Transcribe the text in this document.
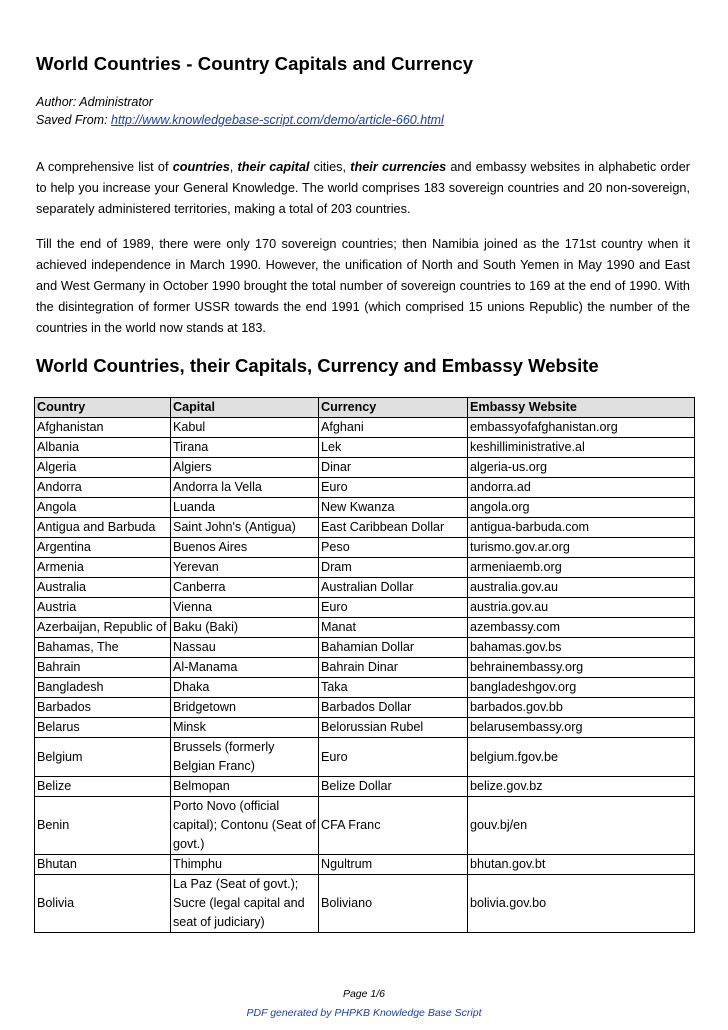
World Countries - Country Capitals and Currency
Author: Administrator
Saved From: http://www.knowledgebase-script.com/demo/article-660.html
A comprehensive list of countries, their capital cities, their currencies and embassy websites in alphabetic order to help you increase your General Knowledge. The world comprises 183 sovereign countries and 20 non-sovereign, separately administered territories, making a total of 203 countries.
Till the end of 1989, there were only 170 sovereign countries; then Namibia joined as the 171st country when it achieved independence in March 1990. However, the unification of North and South Yemen in May 1990 and East and West Germany in October 1990 brought the total number of sovereign countries to 169 at the end of 1990. With the disintegration of former USSR towards the end 1991 (which comprised 15 unions Republic) the number of the countries in the world now stands at 183.
World Countries, their Capitals, Currency and Embassy Website
Country	Capital	Currency	Embassy Website
Afghanistan	Kabul	Afghani	embassyofafghanistan.org
Albania	Tirana	Lek	keshilliministrative.al
Algeria	Algiers	Dinar	algeria-us.org
Andorra	Andorra la Vella	Euro	andorra.ad
Angola	Luanda	New Kwanza	angola.org
Antigua and Barbuda	Saint John's (Antigua)	East Caribbean Dollar	antigua-barbuda.com
Argentina	Buenos Aires	Peso	turismo.gov.ar.org
Armenia	Yerevan	Dram	armeniaemb.org
Australia	Canberra	Australian Dollar	australia.gov.au
Austria	Vienna	Euro	austria.gov.au
Azerbaijan, Republic of	Baku (Baki)	Manat	azembassy.com
Bahamas, The	Nassau	Bahamian Dollar	bahamas.gov.bs
Bahrain	Al-Manama	Bahrain Dinar	behrainembassy.org
Bangladesh	Dhaka	Taka	bangladeshgov.org
Barbados	Bridgetown	Barbados Dollar	barbados.gov.bb
Belarus	Minsk	Belorussian Rubel	belarusembassy.org
Belgium	Brussels (formerly Belgian Franc)	Euro	belgium.fgov.be
Belize	Belmopan	Belize Dollar	belize.gov.bz
Benin	Porto Novo (official capital); Contonu (Seat of govt.)	CFA Franc	gouv.bj/en
Bhutan	Thimphu	Ngultrum	bhutan.gov.bt
Bolivia	La Paz (Seat of govt.); Sucre (legal capital and seat of judiciary)	Boliviano	bolivia.gov.bo
Page 1/6
PDF generated by PHPKB Knowledge Base Script
